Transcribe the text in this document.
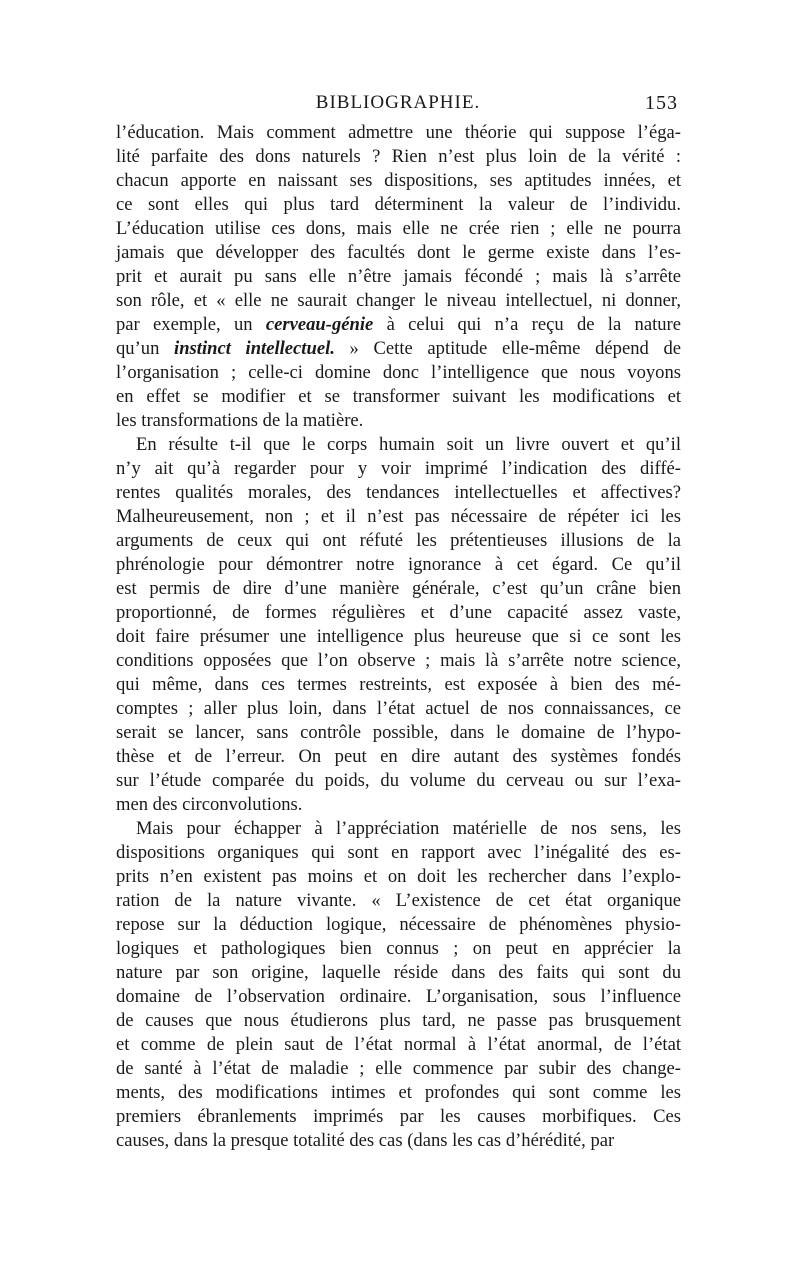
BIBLIOGRAPHIE.	153
l’éducation. Mais comment admettre une théorie qui suppose l’éga-
lité parfaite des dons naturels ? Rien n’est plus loin de la vérité :
chacun apporte en naissant ses dispositions, ses aptitudes innées, et
ce sont elles qui plus tard déterminent la valeur de l’individu.
L’éducation utilise ces dons, mais elle ne crée rien ; elle ne pourra
jamais que développer des facultés dont le germe existe dans l’es-
prit et aurait pu sans elle n’être jamais fécondé ; mais là s’arrête
son rôle, et « elle ne saurait changer le niveau intellectuel, ni donner,
par exemple, un cerveau-génie à celui qui n’a reçu de la nature
qu’un instinct intellectuel. » Cette aptitude elle-même dépend de
l’organisation ; celle-ci domine donc l’intelligence que nous voyons
en effet se modifier et se transformer suivant les modifications et
les transformations de la matière.
En résulte t-il que le corps humain soit un livre ouvert et qu’il
n’y ait qu’à regarder pour y voir imprimé l’indication des diffé-
rentes qualités morales, des tendances intellectuelles et affectives?
Malheureusement, non ; et il n’est pas nécessaire de répéter ici les
arguments de ceux qui ont réfuté les prétentieuses illusions de la
phrénologie pour démontrer notre ignorance à cet égard. Ce qu’il
est permis de dire d’une manière générale, c’est qu’un crâne bien
proportionné, de formes régulières et d’une capacité assez vaste,
doit faire présumer une intelligence plus heureuse que si ce sont les
conditions opposées que l’on observe ; mais là s’arrête notre science,
qui même, dans ces termes restreints, est exposée à bien des mé-
comptes ; aller plus loin, dans l’état actuel de nos connaissances, ce
serait se lancer, sans contrôle possible, dans le domaine de l’hypo-
thèse et de l’erreur. On peut en dire autant des systèmes fondés
sur l’étude comparée du poids, du volume du cerveau ou sur l’exa-
men des circonvolutions.
Mais pour échapper à l’appréciation matérielle de nos sens, les
dispositions organiques qui sont en rapport avec l’inégalité des es-
prits n’en existent pas moins et on doit les rechercher dans l’explo-
ration de la nature vivante. « L’existence de cet état organique
repose sur la déduction logique, nécessaire de phénomènes physio-
logiques et pathologiques bien connus ; on peut en apprécier la
nature par son origine, laquelle réside dans des faits qui sont du
domaine de l’observation ordinaire. L’organisation, sous l’influence
de causes que nous étudierons plus tard, ne passe pas brusquement
et comme de plein saut de l’état normal à l’état anormal, de l’état
de santé à l’état de maladie ; elle commence par subir des change-
ments, des modifications intimes et profondes qui sont comme les
premiers ébranlements imprimés par les causes morbifiques. Ces
causes, dans la presque totalité des cas (dans les cas d’hérédité, par
